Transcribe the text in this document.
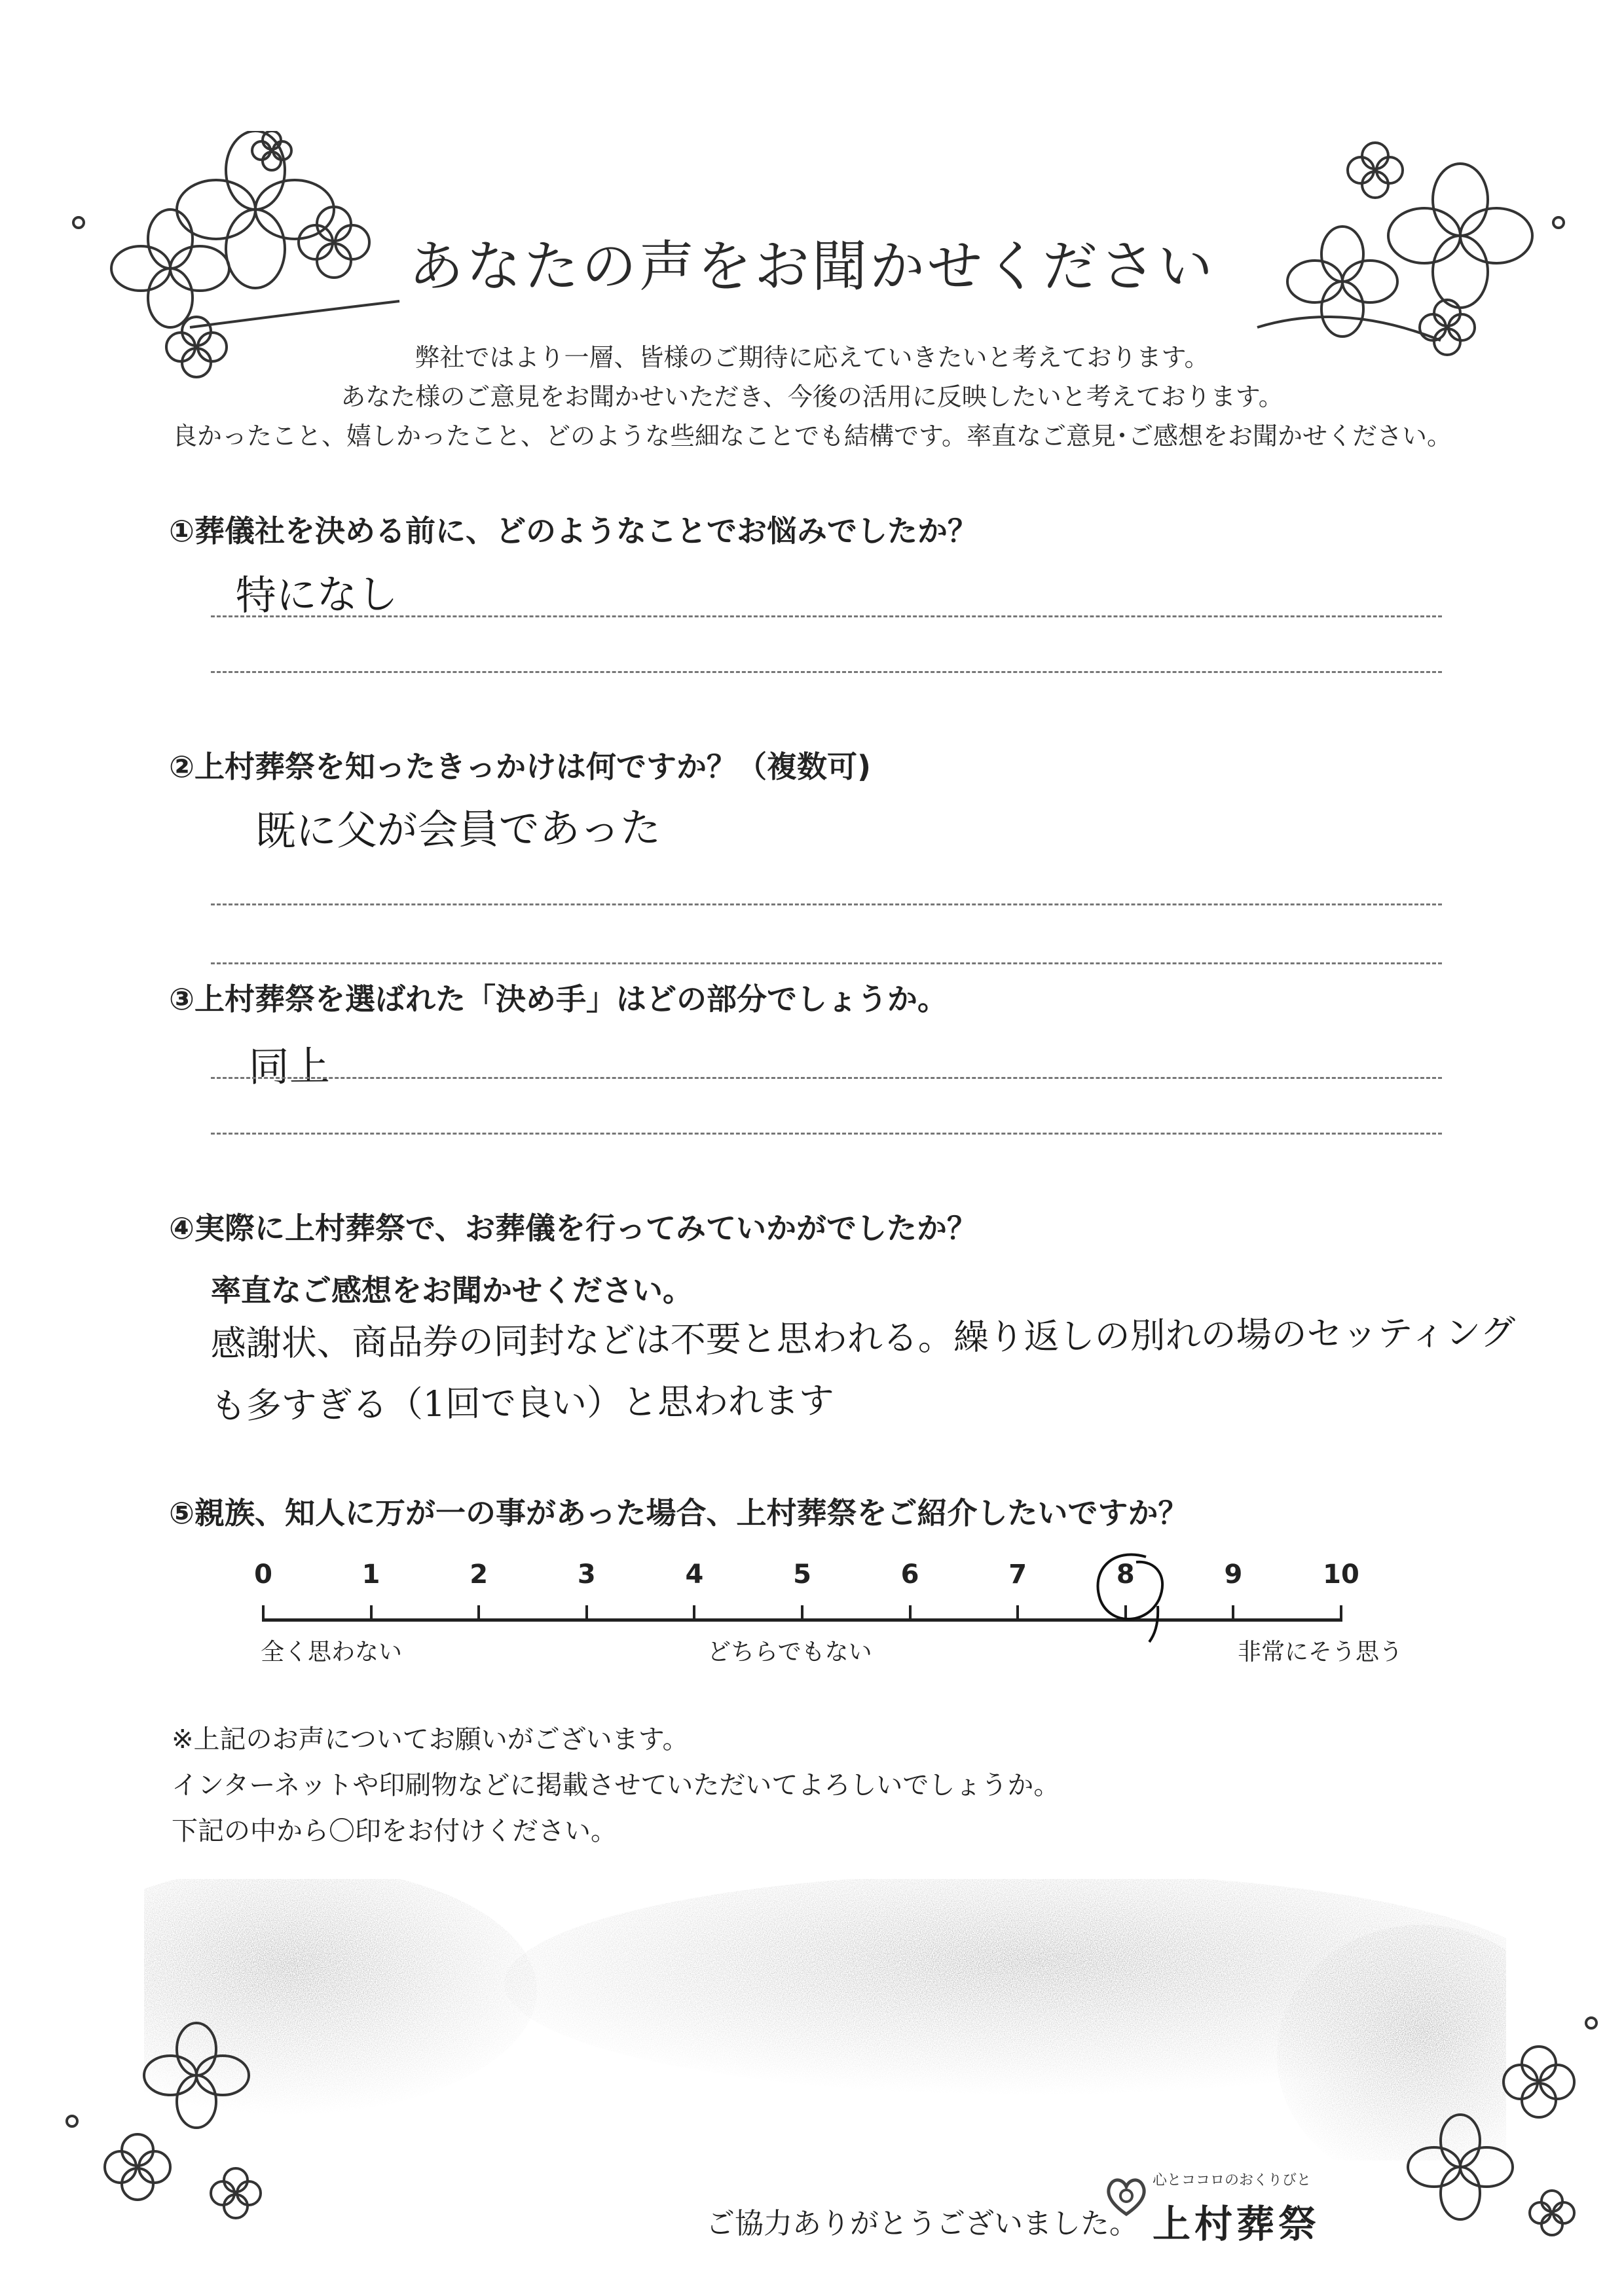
あなたの声をお聞かせください
弊社ではより一層、皆様のご期待に応えていきたいと考えております。
あなた様のご意見をお聞かせいただき、今後の活用に反映したいと考えております。
良かったこと、嬉しかったこと、どのような些細なことでも結構です。率直なご意見･ご感想をお聞かせください。
①葬儀社を決める前に、どのようなことでお悩みでしたか？
特になし
②上村葬祭を知ったきっかけは何ですか？（複数可)
既に父が会員であった
③上村葬祭を選ばれた「決め手」はどの部分でしょうか。
同上
④実際に上村葬祭で、お葬儀を行ってみていかがでしたか？
率直なご感想をお聞かせください。
感謝状、商品券の同封などは不要と思われる。繰り返しの別れの場のセッティング
も多すぎる（1回で良い）と思われます
⑤親族、知人に万が一の事があった場合、上村葬祭をご紹介したいですか？
0	1	2	3	4	5	6	7	8	9	10
全く思わない	どちらでもない	非常にそう思う
※上記のお声についてお願いがございます。
インターネットや印刷物などに掲載させていただいてよろしいでしょうか。
下記の中から〇印をお付けください。
ご協力ありがとうございました。
心とココロのおくりびと
上村葬祭
